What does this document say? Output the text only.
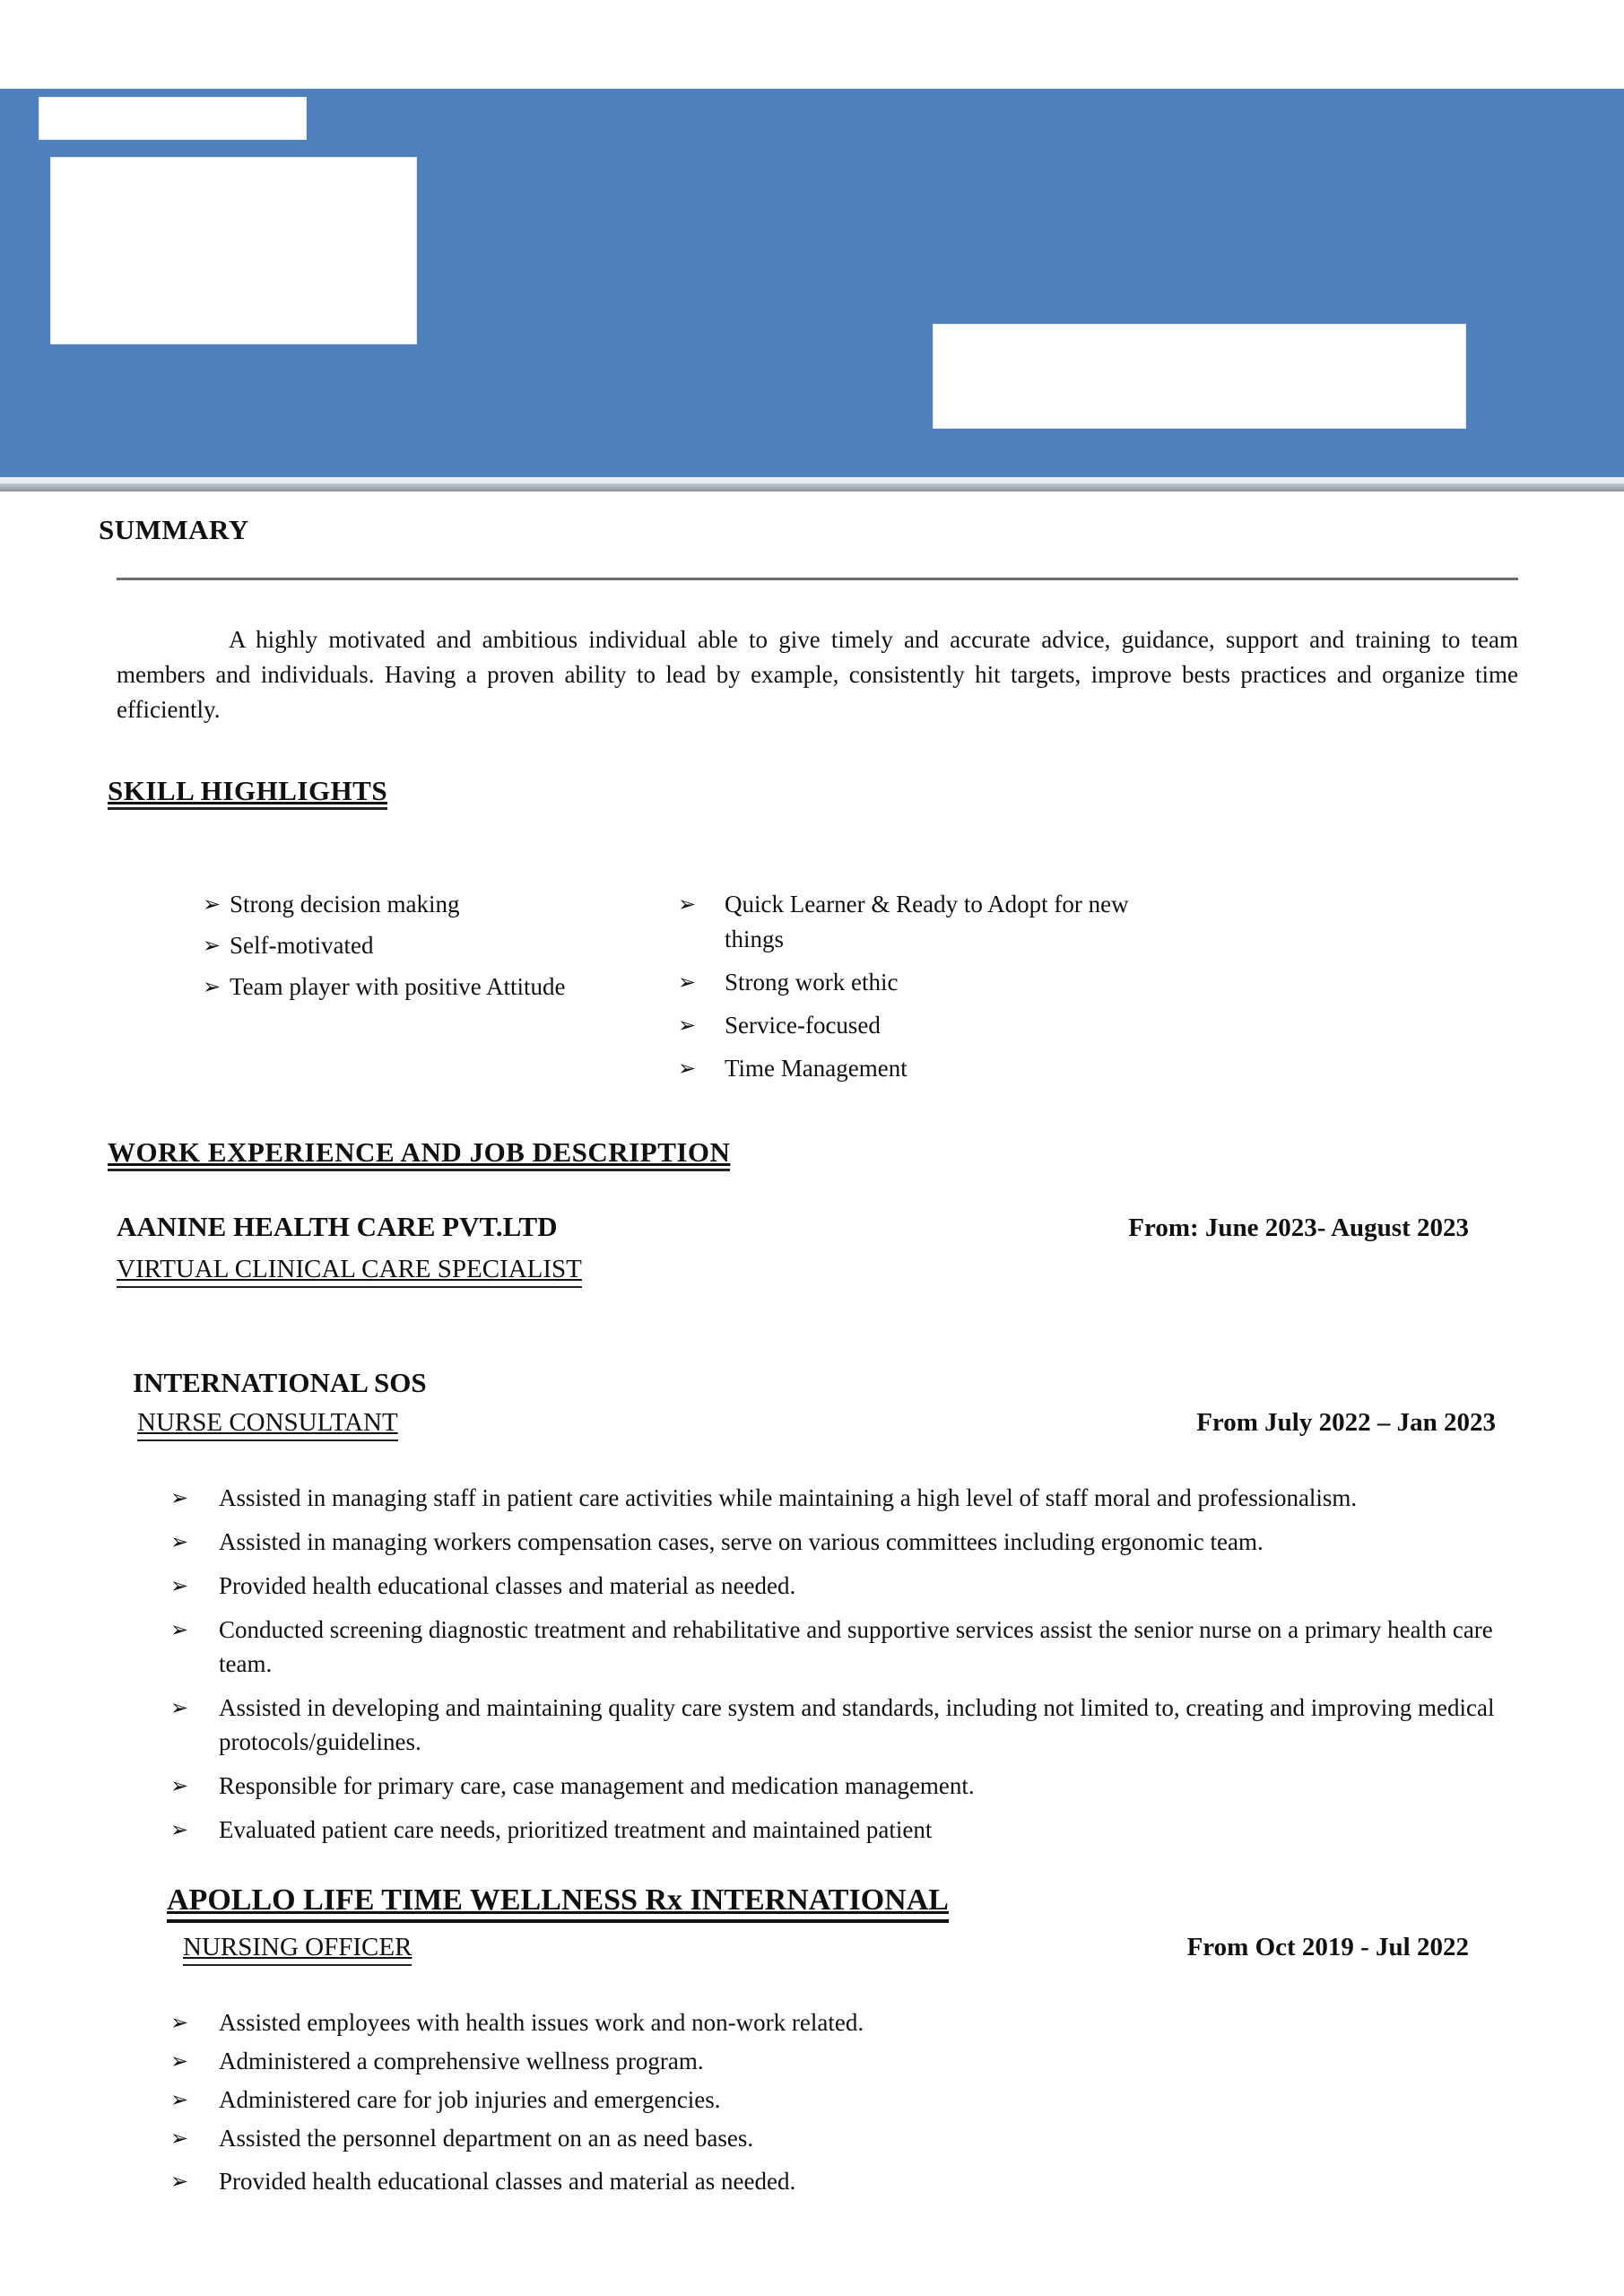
SUMMARY

A highly motivated and ambitious individual able to give timely and accurate advice, guidance, support and training to team members and individuals. Having a proven ability to lead by example, consistently hit targets, improve bests practices and organize time efficiently.

SKILL HIGHLIGHTS
➢ Strong decision making
➢ Self-motivated
➢ Team player with positive Attitude
➢	Quick Learner & Ready to Adopt for new things
➢	Strong work ethic
➢	Service-focused
➢	Time Management
WORK EXPERIENCE AND JOB DESCRIPTION
AANINE HEALTH CARE PVT.LTD	From: June 2023- August 2023
VIRTUAL CLINICAL CARE SPECIALIST
INTERNATIONAL SOS
NURSE CONSULTANT	From July 2022 – Jan 2023
➢	Assisted in managing staff in patient care activities while maintaining a high level of staff moral and professionalism.
➢	Assisted in managing workers compensation cases, serve on various committees including ergonomic team.
➢	Provided health educational classes and material as needed.
➢	Conducted screening diagnostic treatment and rehabilitative and supportive services assist the senior nurse on a primary health care team.
➢	Assisted in developing and maintaining quality care system and standards, including not limited to, creating and improving medical protocols/guidelines.
➢	Responsible for primary care, case management and medication management.
➢	Evaluated patient care needs, prioritized treatment and maintained patient
APOLLO LIFE TIME WELLNESS Rx INTERNATIONAL
NURSING OFFICER	From Oct 2019 - Jul 2022
➢	Assisted employees with health issues work and non-work related.
➢	Administered a comprehensive wellness program.
➢	Administered care for job injuries and emergencies.
➢	Assisted the personnel department on an as need bases.
➢	Provided health educational classes and material as needed.
